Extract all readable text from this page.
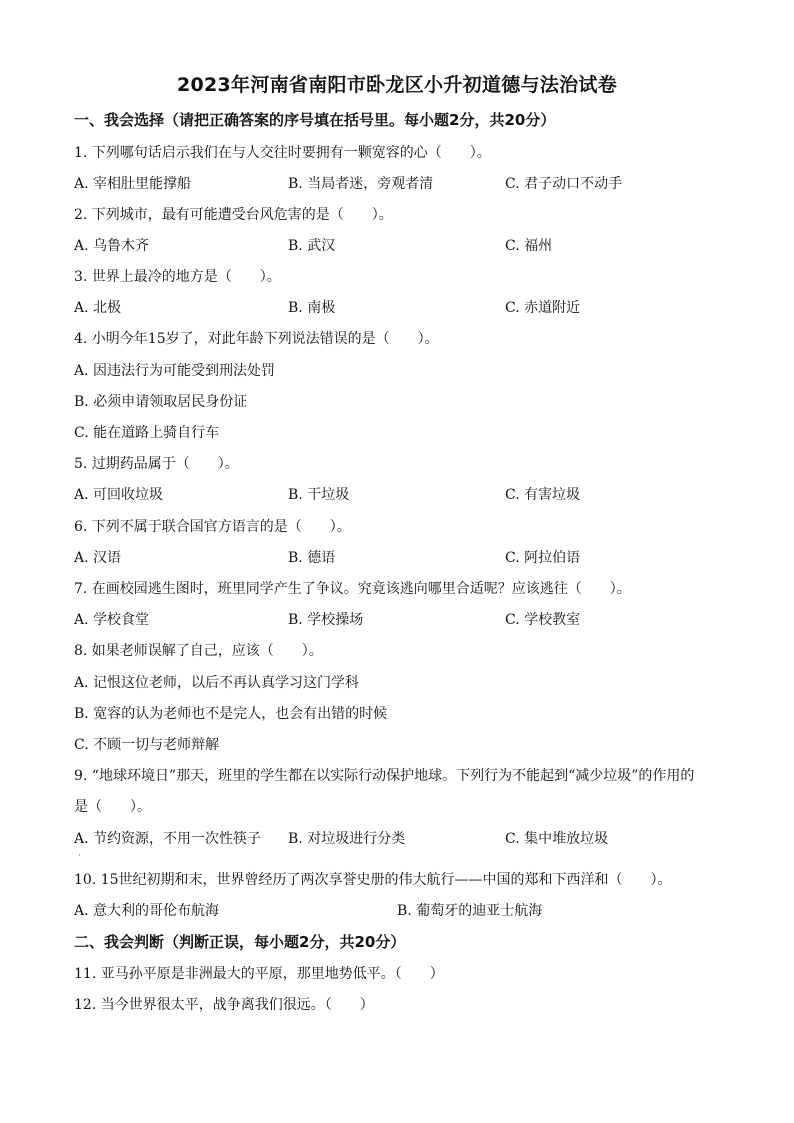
2023年河南省南阳市卧龙区小升初道德与法治试卷
一、我会选择（请把正确答案的序号填在括号里。每小题2分，共20分）
1. 下列哪句话启示我们在与人交往时要拥有一颗宽容的心（　　）。
A. 宰相肚里能撑船	B. 当局者迷，旁观者清	C. 君子动口不动手
2. 下列城市，最有可能遭受台风危害的是（　　）。
A. 乌鲁木齐	B. 武汉	C. 福州
3. 世界上最冷的地方是（　　）。
A. 北极	B. 南极	C. 赤道附近
4. 小明今年15岁了，对此年龄下列说法错误的是（　　）。
A. 因违法行为可能受到刑法处罚
B. 必须申请领取居民身份证
C. 能在道路上骑自行车
5. 过期药品属于（　　）。
A. 可回收垃圾	B. 干垃圾	C. 有害垃圾
6. 下列不属于联合国官方语言的是（　　）。
A. 汉语	B. 德语	C. 阿拉伯语
7. 在画校园逃生图时，班里同学产生了争议。究竟该逃向哪里合适呢？应该逃往（　　）。
A. 学校食堂	B. 学校操场	C. 学校教室
8. 如果老师误解了自己，应该（　　）。
A. 记恨这位老师，以后不再认真学习这门学科
B. 宽容的认为老师也不是完人，也会有出错的时候
C. 不顾一切与老师辩解
9. “地球环境日”那天，班里的学生都在以实际行动保护地球。下列行为不能起到“减少垃圾”的作用的
是（　　）。
A. 节约资源，不用一次性筷子 B. 对垃圾进行分类	C. 集中堆放垃圾
·
10. 15世纪初期和末，世界曾经历了两次享誉史册的伟大航行——中国的郑和下西洋和（　　）。
A. 意大利的哥伦布航海	B. 葡萄牙的迪亚士航海
二、我会判断（判断正误，每小题2分，共20分）
11. 亚马孙平原是非洲最大的平原，那里地势低平。（　　）
12. 当今世界很太平，战争离我们很远。（　　）
